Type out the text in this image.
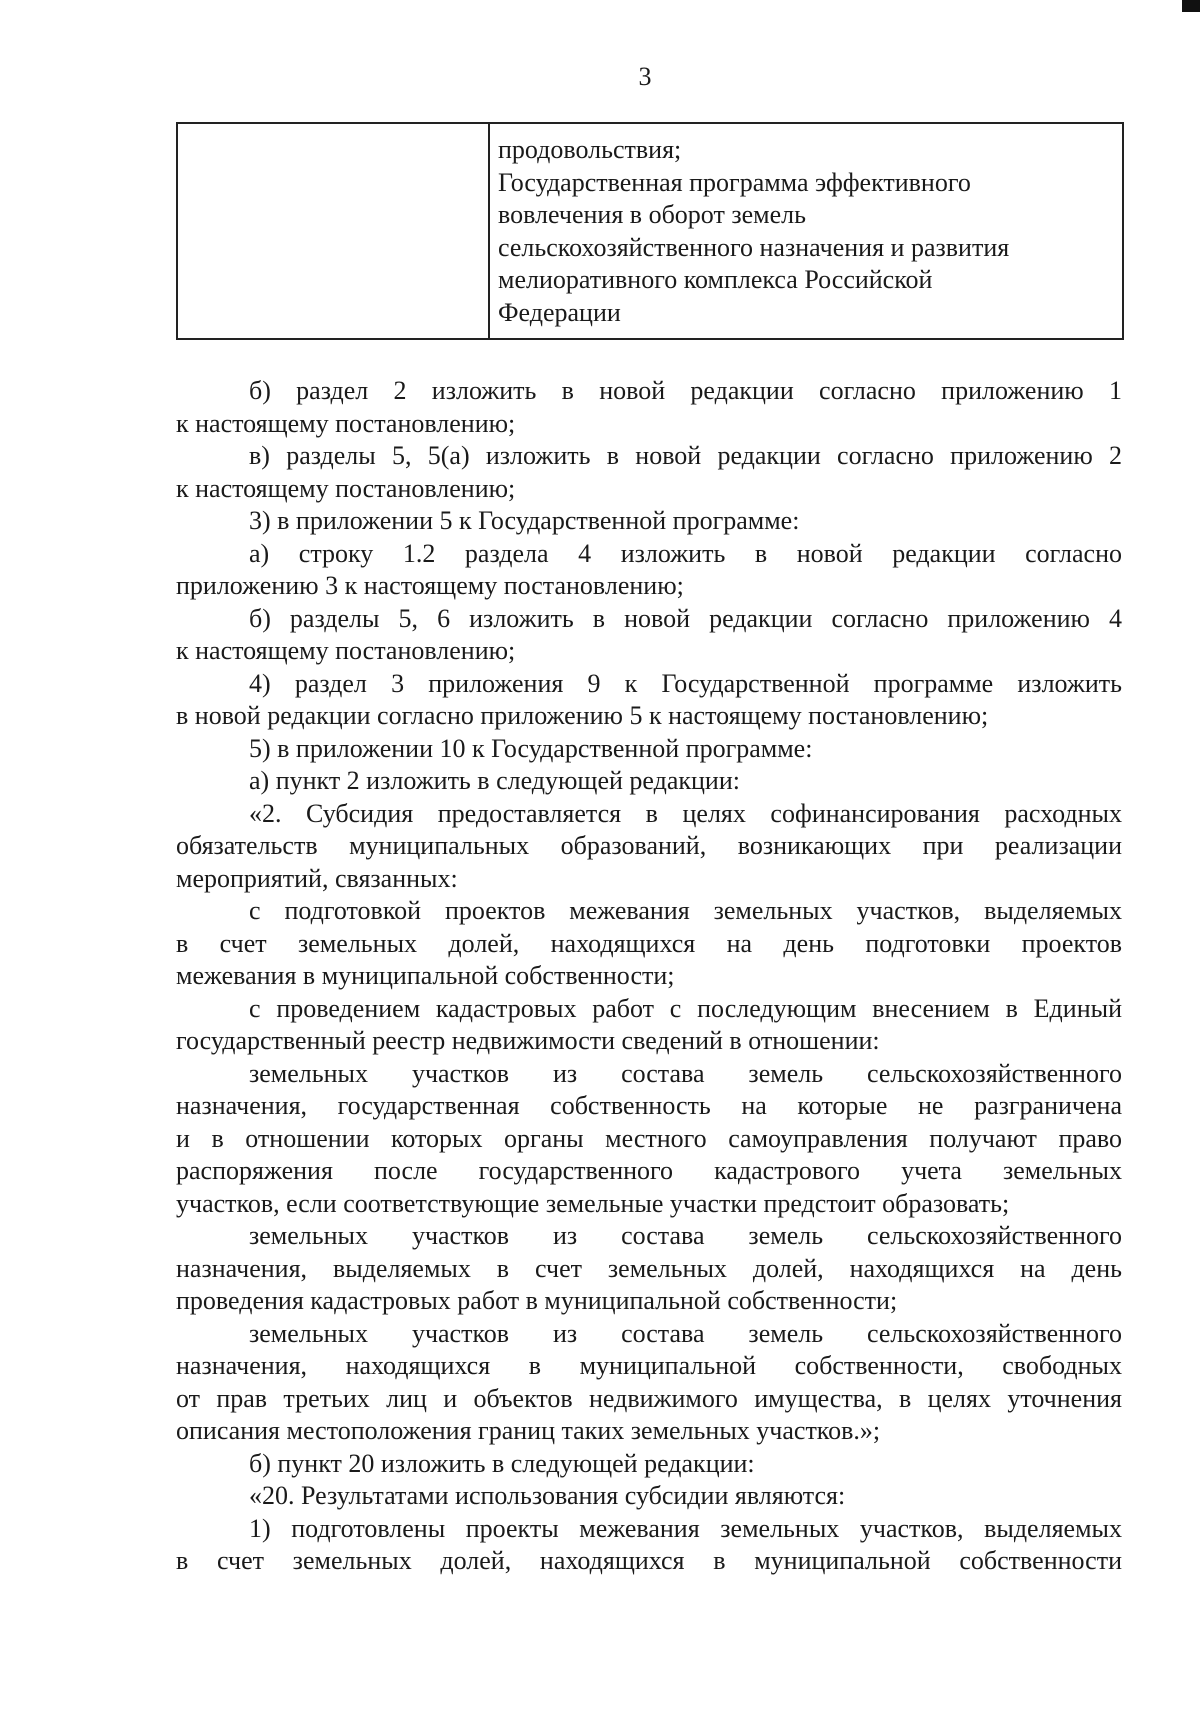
3
продовольствия;
Государственная программа эффективного
вовлечения в оборот земель
сельскохозяйственного назначения и развития
мелиоративного комплекса Российской
Федерации
б) раздел 2 изложить в новой редакции согласно приложению 1
к настоящему постановлению;
в) разделы 5, 5(а) изложить в новой редакции согласно приложению 2
к настоящему постановлению;
3) в приложении 5 к Государственной программе:
а) строку 1.2 раздела 4 изложить в новой редакции согласно
приложению 3 к настоящему постановлению;
б) разделы 5, 6 изложить в новой редакции согласно приложению 4
к настоящему постановлению;
4) раздел 3 приложения 9 к Государственной программе изложить
в новой редакции согласно приложению 5 к настоящему постановлению;
5) в приложении 10 к Государственной программе:
а) пункт 2 изложить в следующей редакции:
«2. Субсидия предоставляется в целях софинансирования расходных
обязательств муниципальных образований, возникающих при реализации
мероприятий, связанных:
с подготовкой проектов межевания земельных участков, выделяемых
в счет земельных долей, находящихся на день подготовки проектов
межевания в муниципальной собственности;
с проведением кадастровых работ с последующим внесением в Единый
государственный реестр недвижимости сведений в отношении:
земельных участков из состава земель сельскохозяйственного
назначения, государственная собственность на которые не разграничена
и в отношении которых органы местного самоуправления получают право
распоряжения после государственного кадастрового учета земельных
участков, если соответствующие земельные участки предстоит образовать;
земельных участков из состава земель сельскохозяйственного
назначения, выделяемых в счет земельных долей, находящихся на день
проведения кадастровых работ в муниципальной собственности;
земельных участков из состава земель сельскохозяйственного
назначения, находящихся в муниципальной собственности, свободных
от прав третьих лиц и объектов недвижимого имущества, в целях уточнения
описания местоположения границ таких земельных участков.»;
б) пункт 20 изложить в следующей редакции:
«20. Результатами использования субсидии являются:
1) подготовлены проекты межевания земельных участков, выделяемых
в счет земельных долей, находящихся в муниципальной собственности
